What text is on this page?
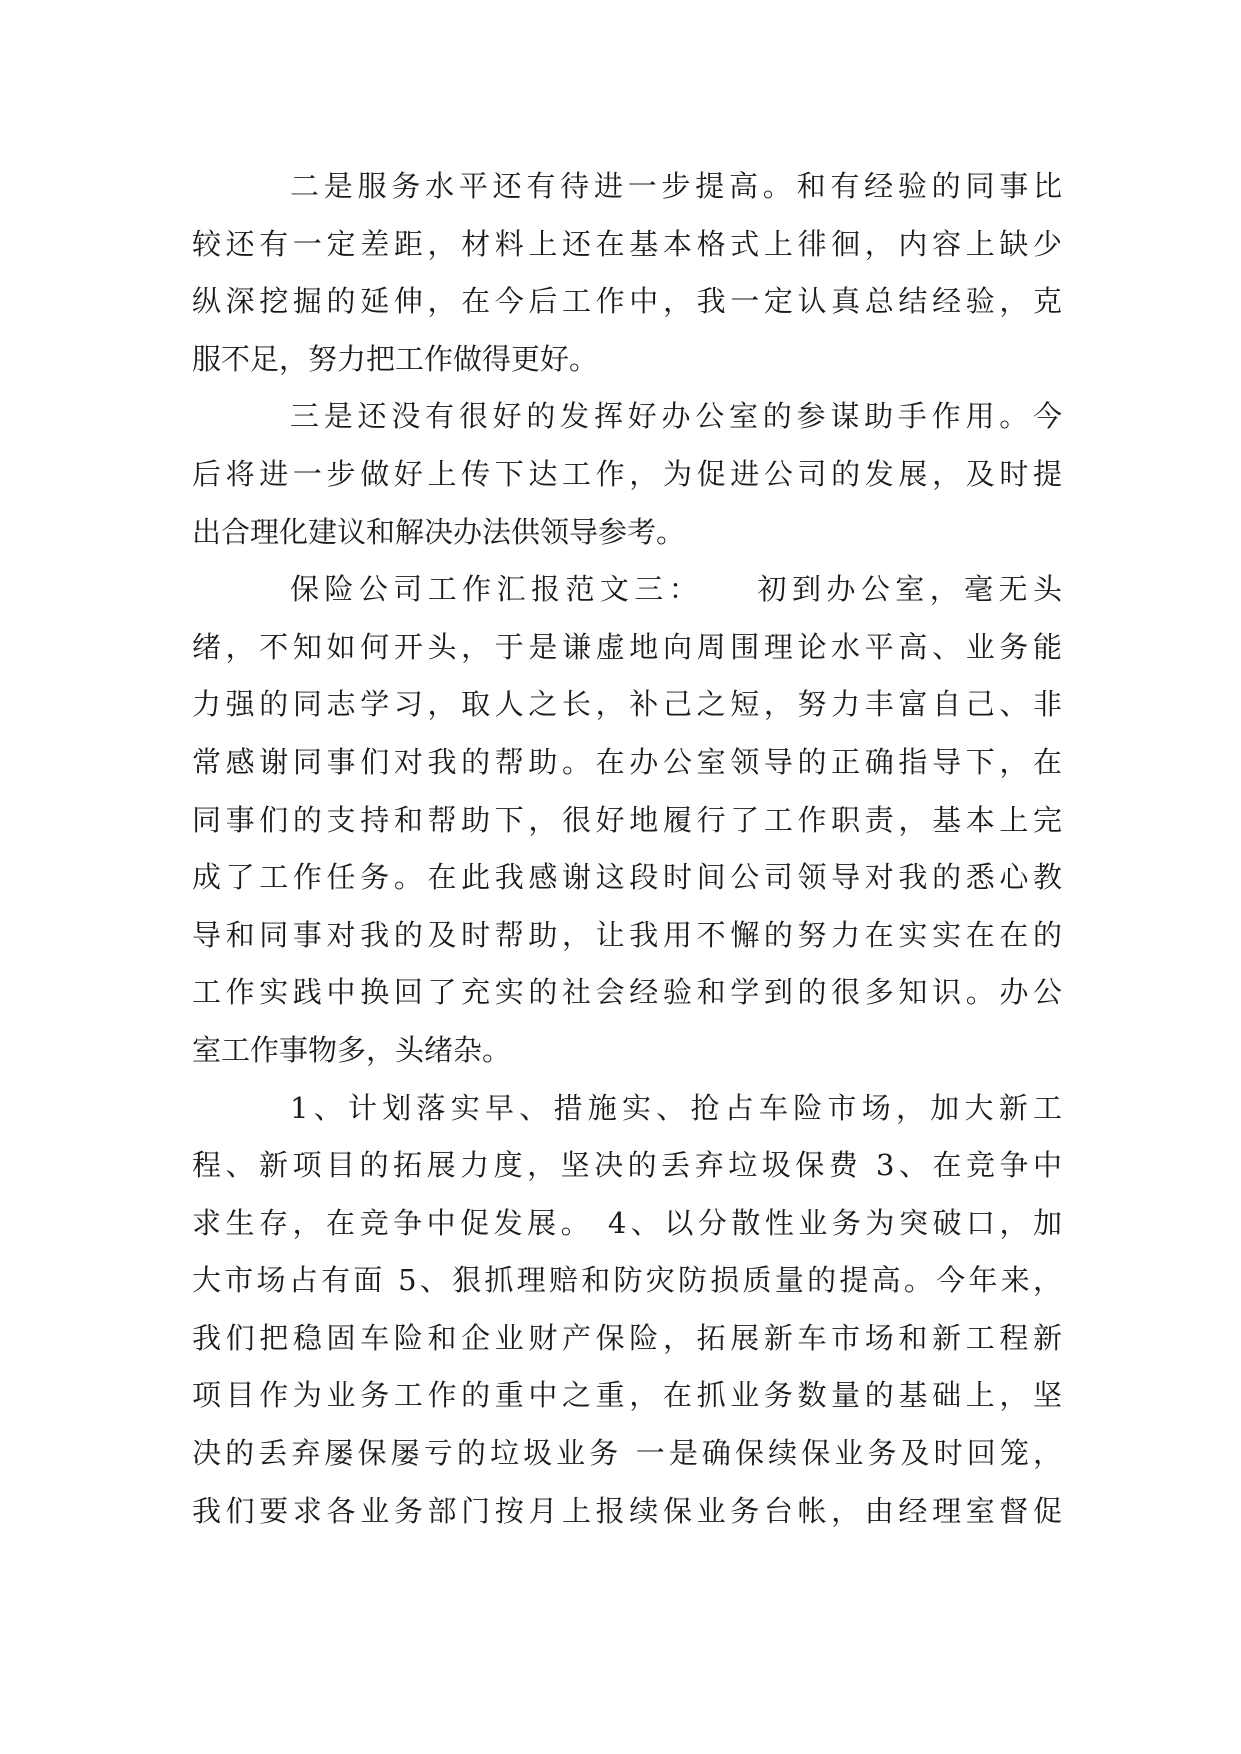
二是服务水平还有待进一步提高。和有经验的同事比
较还有一定差距，材料上还在基本格式上徘徊，内容上缺少
纵深挖掘的延伸，在今后工作中，我一定认真总结经验，克
服不足，努力把工作做得更好。
三是还没有很好的发挥好办公室的参谋助手作用。今
后将进一步做好上传下达工作，为促进公司的发展，及时提
出合理化建议和解决办法供领导参考。
保险公司工作汇报范文三：　　初到办公室，毫无头
绪，不知如何开头，于是谦虚地向周围理论水平高、业务能
力强的同志学习，取人之长，补己之短，努力丰富自己、非
常感谢同事们对我的帮助。在办公室领导的正确指导下，在
同事们的支持和帮助下，很好地履行了工作职责，基本上完
成了工作任务。在此我感谢这段时间公司领导对我的悉心教
导和同事对我的及时帮助，让我用不懈的努力在实实在在的
工作实践中换回了充实的社会经验和学到的很多知识。办公
室工作事物多，头绪杂。
1、计划落实早、措施实、抢占车险市场，加大新工
程、新项目的拓展力度，坚决的丢弃垃圾保费 3、在竞争中
求生存，在竞争中促发展。 4、以分散性业务为突破口，加
大市场占有面 5、狠抓理赔和防灾防损质量的提高。今年来，
我们把稳固车险和企业财产保险，拓展新车市场和新工程新
项目作为业务工作的重中之重，在抓业务数量的基础上，坚
决的丢弃屡保屡亏的垃圾业务 一是确保续保业务及时回笼，
我们要求各业务部门按月上报续保业务台帐，由经理室督促
